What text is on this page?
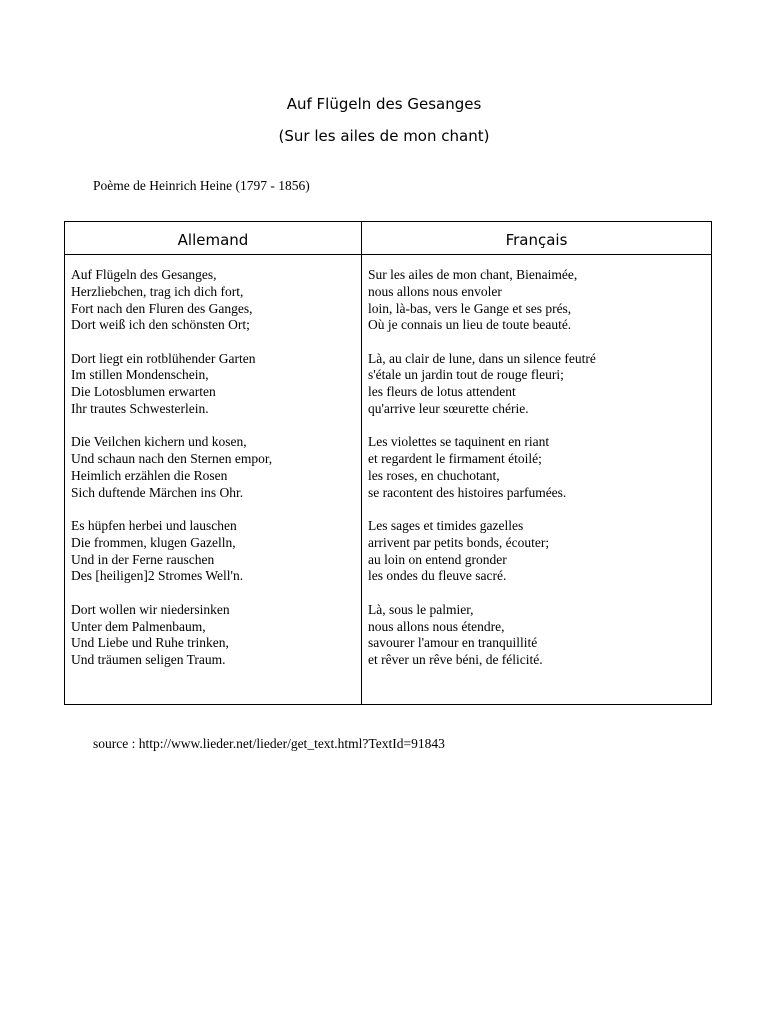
Auf Flügeln des Gesanges
(Sur les ailes de mon chant)
Poème de Heinrich Heine (1797 - 1856)
Allemand	Français
Auf Flügeln des Gesanges,
Herzliebchen, trag ich dich fort,
Fort nach den Fluren des Ganges,
Dort weiß ich den schönsten Ort;
Dort liegt ein rotblühender Garten
Im stillen Mondenschein,
Die Lotosblumen erwarten
Ihr trautes Schwesterlein.
Die Veilchen kichern und kosen,
Und schaun nach den Sternen empor,
Heimlich erzählen die Rosen
Sich duftende Märchen ins Ohr.
Es hüpfen herbei und lauschen
Die frommen, klugen Gazelln,
Und in der Ferne rauschen
Des [heiligen]2 Stromes Well'n.
Dort wollen wir niedersinken
Unter dem Palmenbaum,
Und Liebe und Ruhe trinken,
Und träumen seligen Traum.
Sur les ailes de mon chant, Bienaimée,
nous allons nous envoler
loin, là-bas, vers le Gange et ses prés,
Où je connais un lieu de toute beauté.
Là, au clair de lune, dans un silence feutré
s'étale un jardin tout de rouge fleuri;
les fleurs de lotus attendent
qu'arrive leur sœurette chérie.
Les violettes se taquinent en riant
et regardent le firmament étoilé;
les roses, en chuchotant,
se racontent des histoires parfumées.
Les sages et timides gazelles
arrivent par petits bonds, écouter;
au loin on entend gronder
les ondes du fleuve sacré.
Là, sous le palmier,
nous allons nous étendre,
savourer l'amour en tranquillité
et rêver un rêve béni, de félicité.
source : http://www.lieder.net/lieder/get_text.html?TextId=91843
